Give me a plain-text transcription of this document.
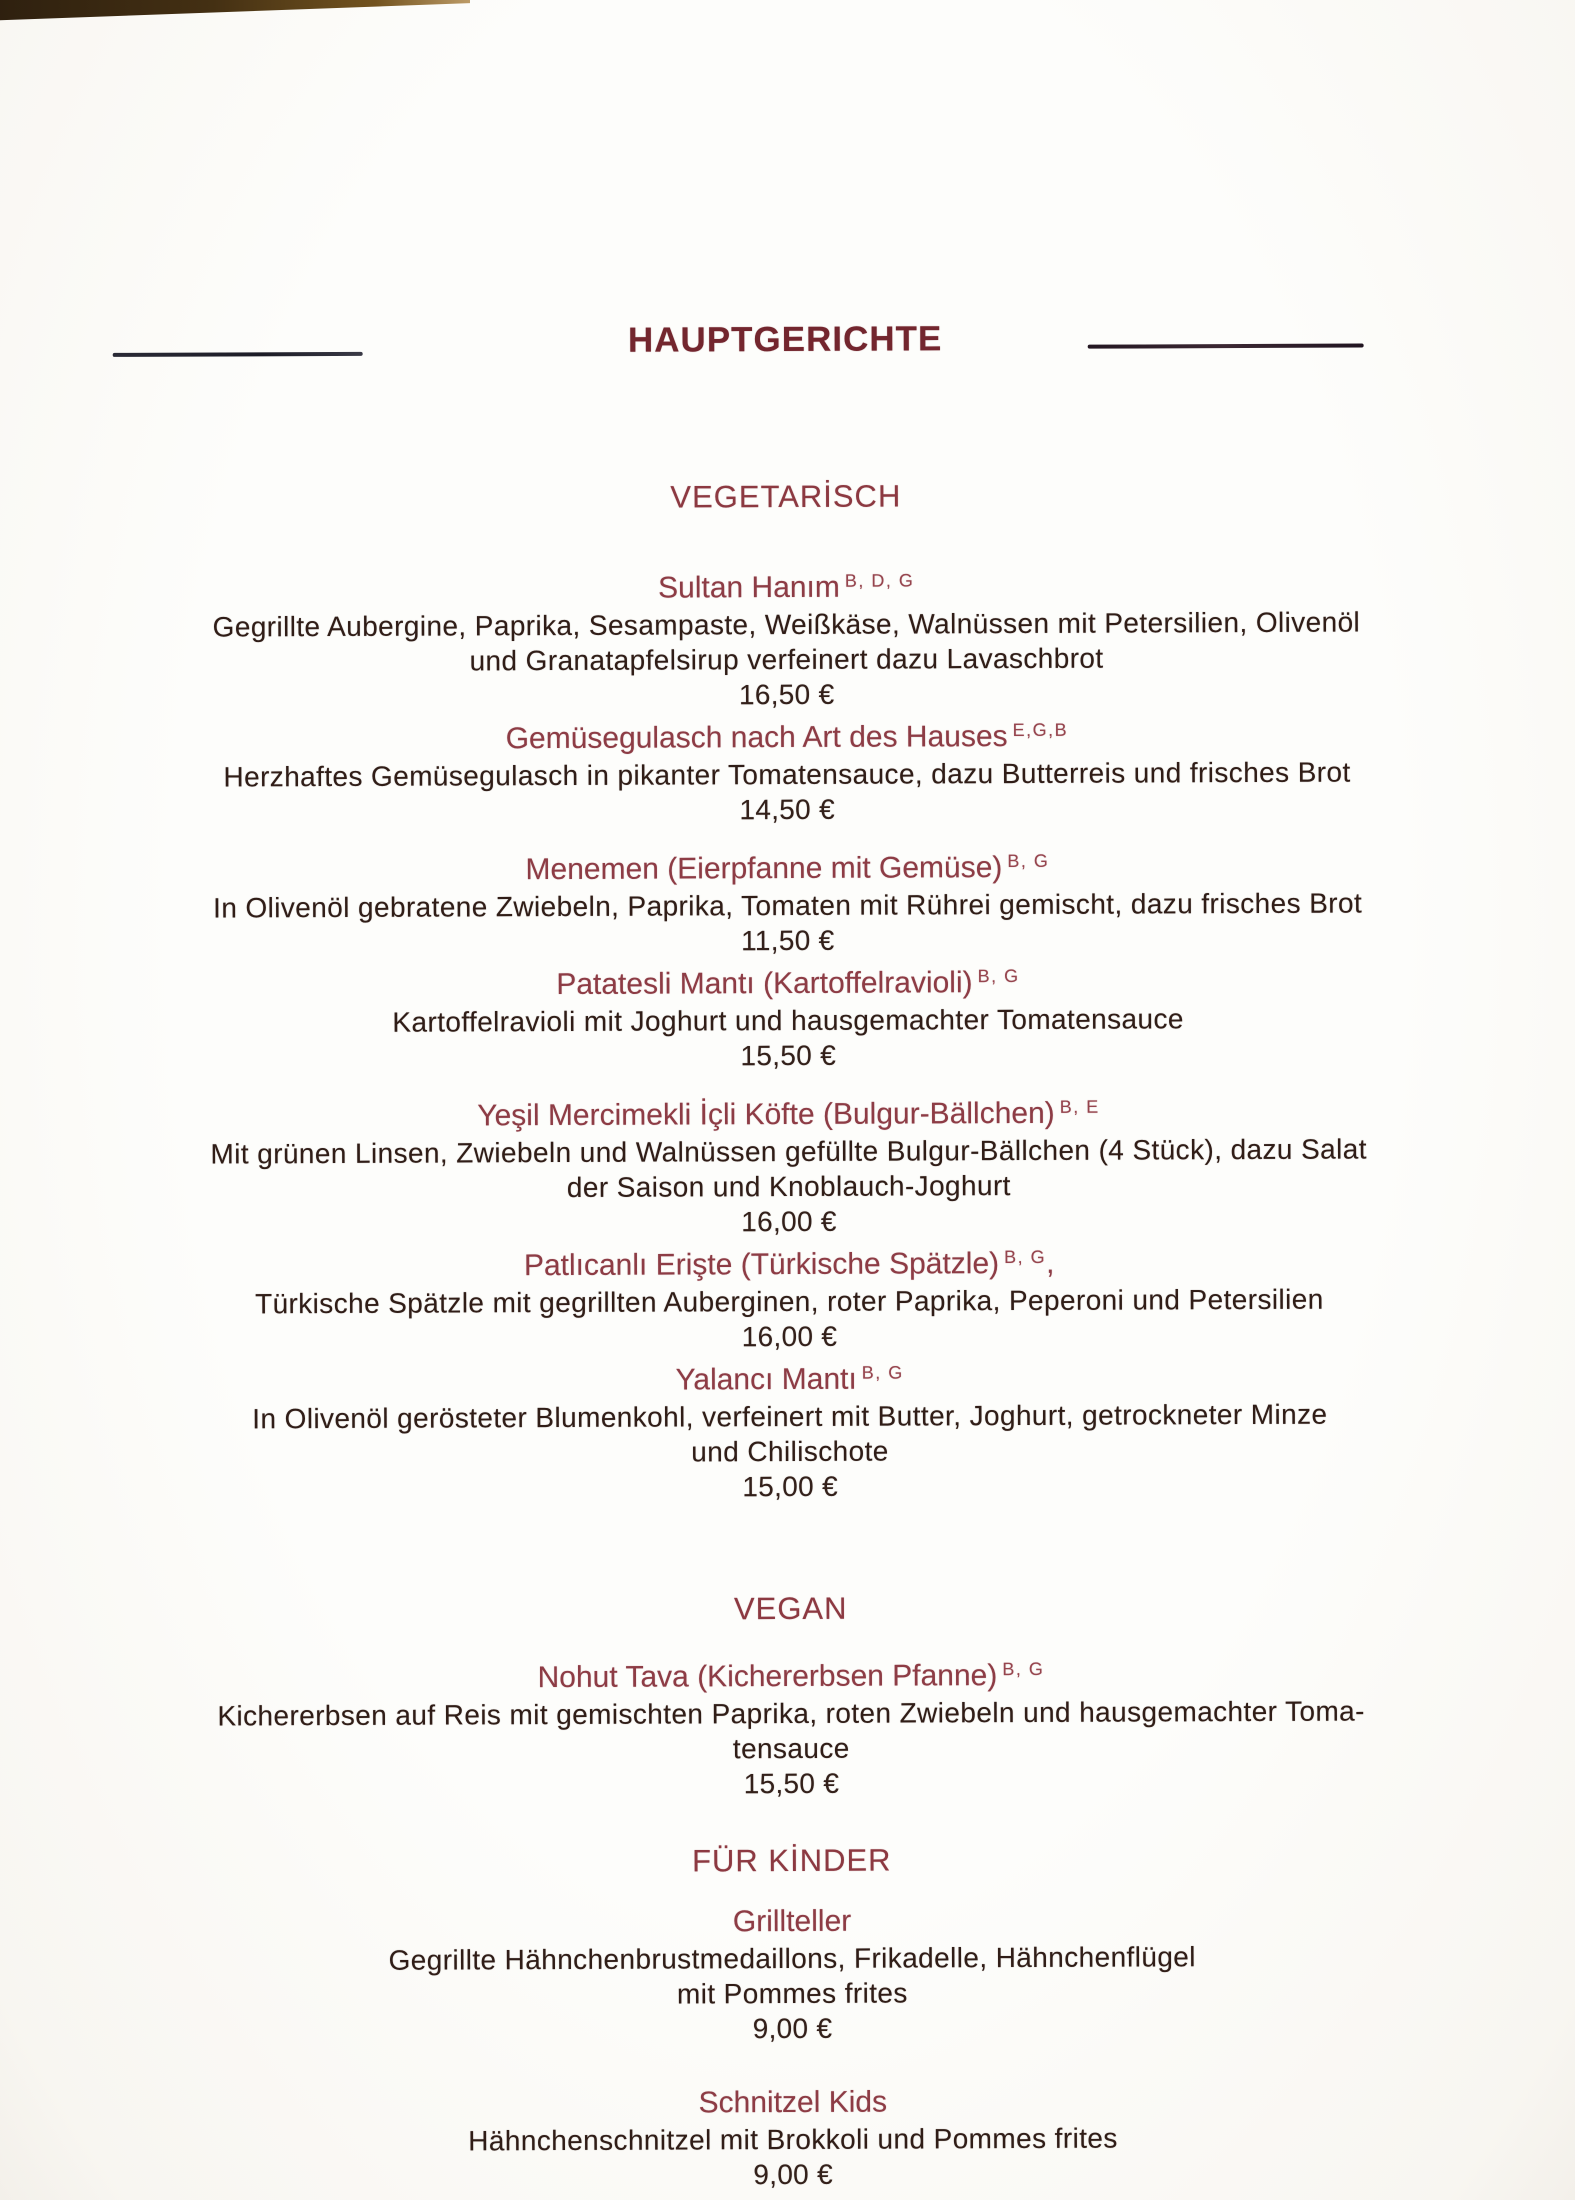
HAUPTGERICHTE
VEGETARİSCH
Sultan Hanım $^{B, D, G}$
Gegrillte Aubergine, Paprika, Sesampaste, Weißkäse, Walnüssen mit Petersilien, Olivenöl
und Granatapfelsirup verfeinert dazu Lavaschbrot
16,50 €
Gemüsegulasch nach Art des Hauses $^{E,G,B}$
Herzhaftes Gemüsegulasch in pikanter Tomatensauce, dazu Butterreis und frisches Brot
14,50 €
Menemen (Eierpfanne mit Gemüse) $^{B, G}$
In Olivenöl gebratene Zwiebeln, Paprika, Tomaten mit Rührei gemischt, dazu frisches Brot
11,50 €
Patatesli Mantı (Kartoffelravioli) $^{B, G}$
Kartoffelravioli mit Joghurt und hausgemachter Tomatensauce
15,50 €
Yeşil Mercimekli İçli Köfte (Bulgur-Bällchen) $^{B, E}$
Mit grünen Linsen, Zwiebeln und Walnüssen gefüllte Bulgur-Bällchen (4 Stück), dazu Salat
der Saison und Knoblauch-Joghurt
16,00 €
Patlıcanlı Erişte (Türkische Spätzle) $^{B, G}$,
Türkische Spätzle mit gegrillten Auberginen, roter Paprika, Peperoni und Petersilien
16,00 €
Yalancı Mantı $^{B, G}$
In Olivenöl gerösteter Blumenkohl, verfeinert mit Butter, Joghurt, getrockneter Minze
und Chilischote
15,00 €
VEGAN
Nohut Tava (Kichererbsen Pfanne) $^{B, G}$
Kichererbsen auf Reis mit gemischten Paprika, roten Zwiebeln und hausgemachter Toma-
tensauce
15,50 €
FÜR KİNDER
Grillteller
Gegrillte Hähnchenbrustmedaillons, Frikadelle, Hähnchenflügel
mit Pommes frites
9,00 €
Schnitzel Kids
Hähnchenschnitzel mit Brokkoli und Pommes frites
9,00 €
